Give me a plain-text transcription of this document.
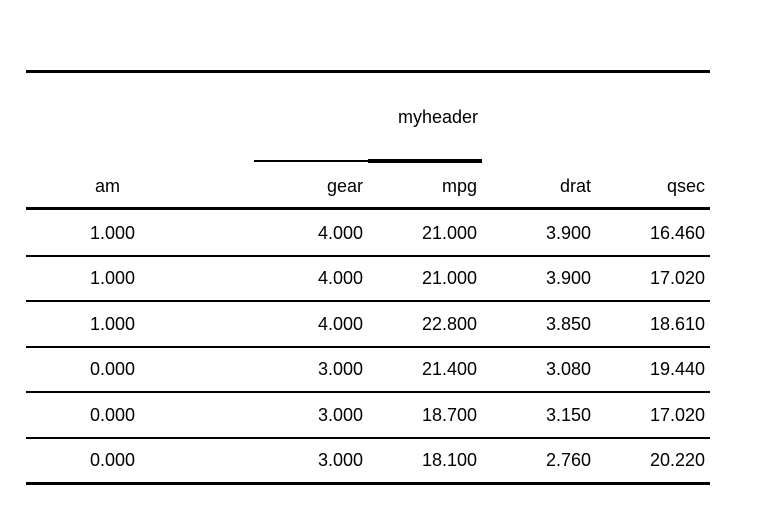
myheader
am	gear	mpg	drat	qsec
1.000	4.000	21.000	3.900	16.460
1.000	4.000	21.000	3.900	17.020
1.000	4.000	22.800	3.850	18.610
0.000	3.000	21.400	3.080	19.440
0.000	3.000	18.700	3.150	17.020
0.000	3.000	18.100	2.760	20.220
